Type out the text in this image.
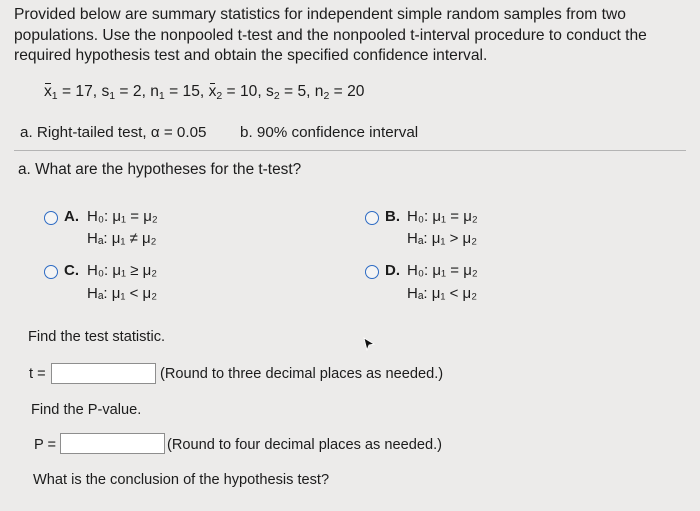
Provided below are summary statistics for independent simple random samples from two populations. Use the nonpooled t-test and the nonpooled t-interval procedure to conduct the required hypothesis test and obtain the specified confidence interval.
$x_1 = 17$, $s_1 = 2$, $n_1 = 15$, $x_2 = 10$, $s_2 = 5$, $n_2 = 20$
a. Right-tailed test, α = 0.05 b. 90% confidence interval
a. What are the hypotheses for the t-test?
A. H₀: μ₁ = μ₂
Hₐ: μ₁ ≠ μ₂
B. H₀: μ₁ = μ₂
Hₐ: μ₁ > μ₂
C. H₀: μ₁ ≥ μ₂
Hₐ: μ₁ < μ₂
D. H₀: μ₁ = μ₂
Hₐ: μ₁ < μ₂
Find the test statistic.
t =	(Round to three decimal places as needed.)
Find the P-value.
P =	(Round to four decimal places as needed.)
What is the conclusion of the hypothesis test?
